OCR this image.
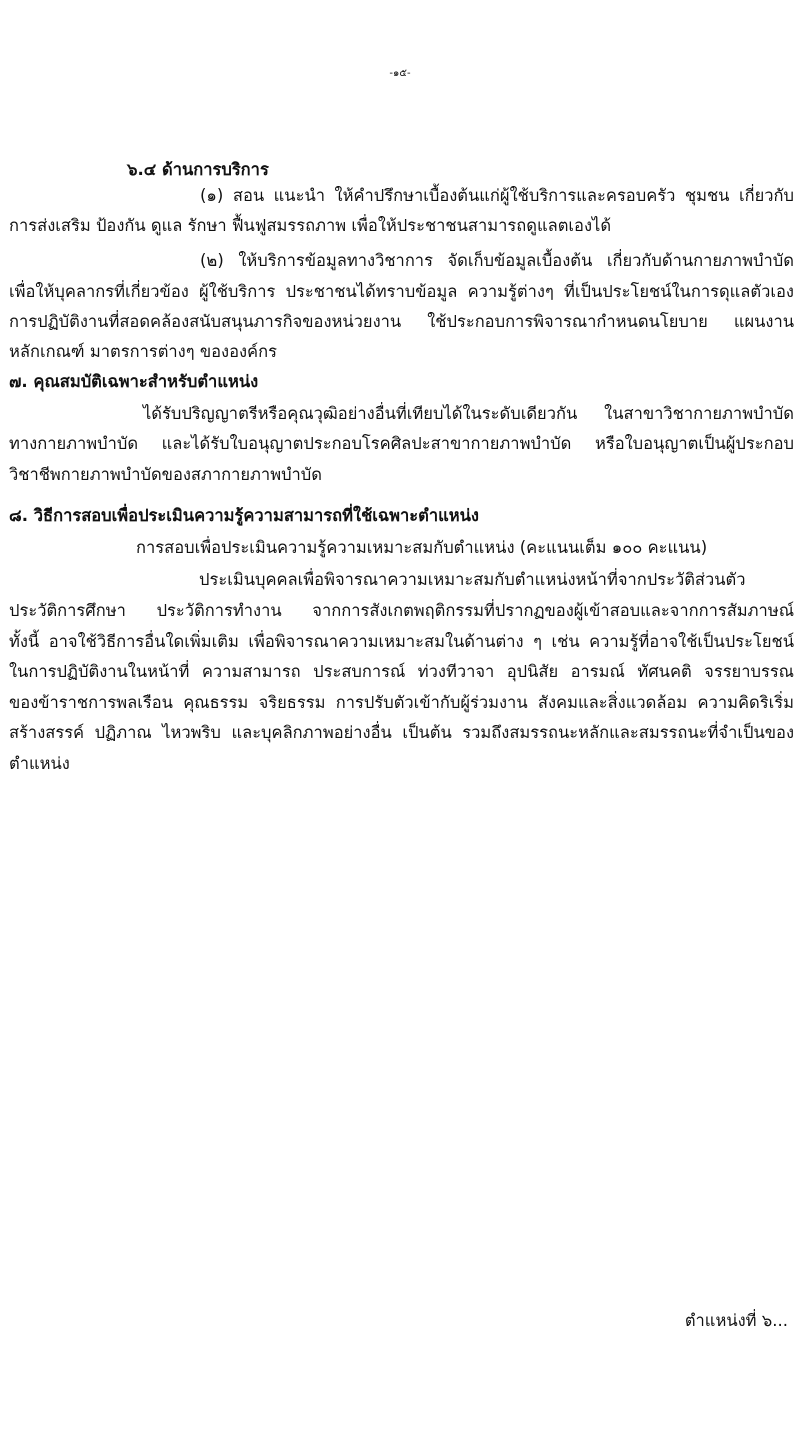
-๑๕-

๖.๔ ด้านการบริการ

(๑) สอน แนะนำ ให้คำปรึกษาเบื้องต้นแก่ผู้ใช้บริการและครอบครัว ชุมชน เกี่ยวกับ

การส่งเสริม ป้องกัน ดูแล รักษา ฟื้นฟูสมรรถภาพ เพื่อให้ประชาชนสามารถดูแลตเองได้

(๒) ให้บริการข้อมูลทางวิชาการ จัดเก็บข้อมูลเบื้องต้น เกี่ยวกับด้านกายภาพบำบัด

เพื่อให้บุคลากรที่เกี่ยวข้อง ผู้ใช้บริการ ประชาชนได้ทราบข้อมูล ความรู้ต่างๆ ที่เป็นประโยชน์ในการดุแลตัวเอง

การปฏิบัติงานที่สอดคล้องสนับสนุนภารกิจของหน่วยงาน ใช้ประกอบการพิจารณากำหนดนโยบาย แผนงาน

หลักเกณฑ์ มาตรการต่างๆ ขององค์กร

๗. คุณสมบัติเฉพาะสำหรับตำแหน่ง

ได้รับปริญญาตรีหรือคุณวุฒิอย่างอื่นที่เทียบได้ในระดับเดียวกัน ในสาขาวิชากายภาพบำบัด

ทางกายภาพบำบัด และได้รับใบอนุญาตประกอบโรคศิลปะสาขากายภาพบำบัด หรือใบอนุญาตเป็นผู้ประกอบ

วิชาชีพกายภาพบำบัดของสภากายภาพบำบัด

๘. วิธีการสอบเพื่อประเมินความรู้ความสามารถที่ใช้เฉพาะตำแหน่ง

การสอบเพื่อประเมินความรู้ความเหมาะสมกับตำแหน่ง (คะแนนเต็ม ๑๐๐ คะแนน)

ประเมินบุคคลเพื่อพิจารณาความเหมาะสมกับตำแหน่งหน้าที่จากประวัติส่วนตัว

ประวัติการศึกษา ประวัติการทำงาน จากการสังเกตพฤติกรรมที่ปรากฏของผู้เข้าสอบและจากการสัมภาษณ์

ทั้งนี้ อาจใช้วิธีการอื่นใดเพิ่มเติม เพื่อพิจารณาความเหมาะสมในด้านต่าง ๆ เช่น ความรู้ที่อาจใช้เป็นประโยชน์

ในการปฏิบัติงานในหน้าที่ ความสามารถ ประสบการณ์ ท่วงทีวาจา อุปนิสัย อารมณ์ ทัศนคติ จรรยาบรรณ

ของข้าราชการพลเรือน คุณธรรม จริยธรรม การปรับตัวเข้ากับผู้ร่วมงาน สังคมและสิ่งแวดล้อม ความคิดริเริ่ม

สร้างสรรค์ ปฏิภาณ ไหวพริบ และบุคลิกภาพอย่างอื่น เป็นต้น รวมถึงสมรรถนะหลักและสมรรถนะที่จำเป็นของ

ตำแหน่ง

ตำแหน่งที่ ๖...
